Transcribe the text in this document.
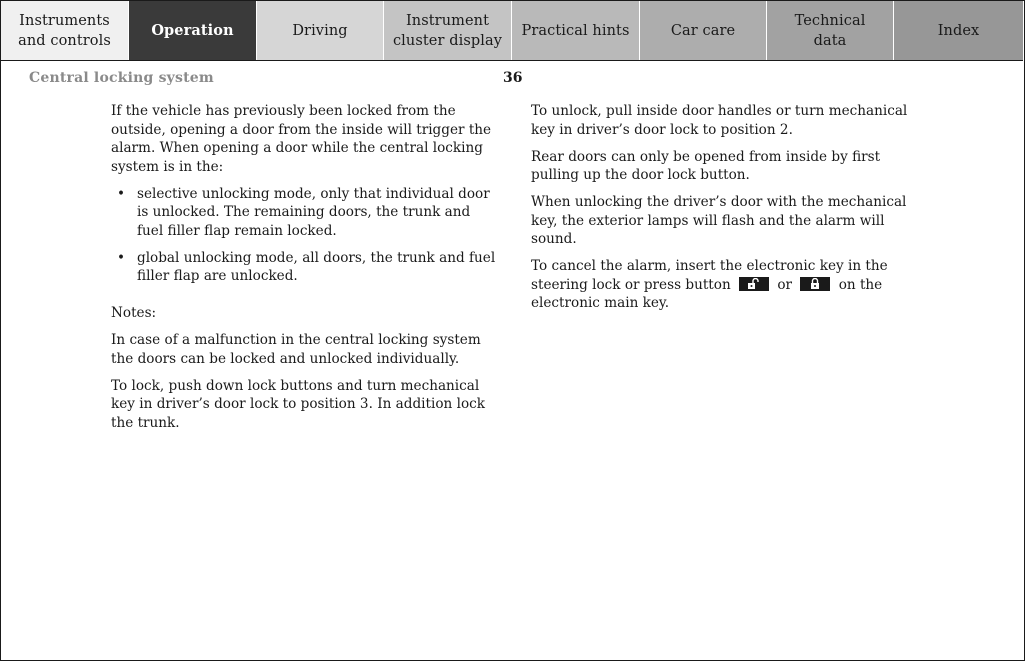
Instruments
and controls
Operation	Driving
Instrument
cluster display
Practical hints	Car care
Technical
data
Index
Central locking system	36

If the vehicle has previously been locked from the outside, opening a door from the inside will trigger the alarm. When opening a door while the central locking system is in the:

• selective unlocking mode, only that individual door is unlocked. The remaining doors, the trunk and fuel filler flap remain locked.
• global unlocking mode, all doors, the trunk and fuel filler flap are unlocked.

Notes:

In case of a malfunction in the central locking system the doors can be locked and unlocked individually.

To lock, push down lock buttons and turn mechanical key in driver’s door lock to position 3. In addition lock the trunk.

To unlock, pull inside door handles or turn mechanical key in driver’s door lock to position 2.

Rear doors can only be opened from inside by first pulling up the door lock button.

When unlocking the driver’s door with the mechanical key, the exterior lamps will flash and the alarm will sound.

To cancel the alarm, insert the electronic key in the steering lock or press button	or	on the electronic main key.
